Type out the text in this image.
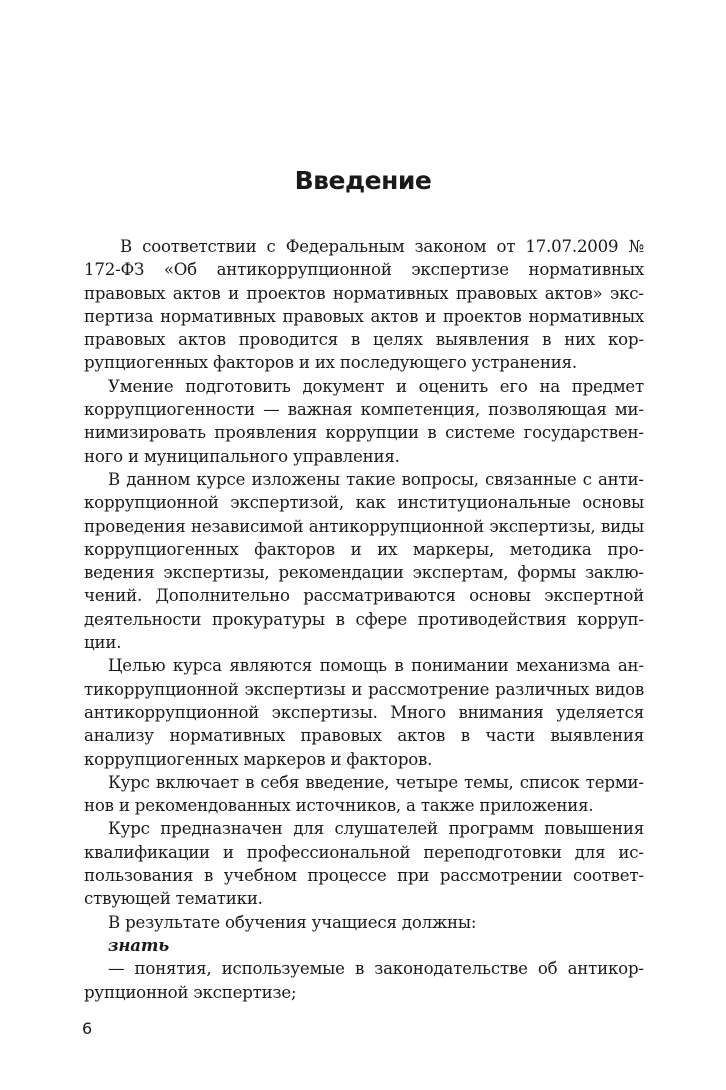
Введение

В соответствии с Федеральным законом от 17.07.2009 № 172-ФЗ «Об антикоррупционной экспертизе нормативных правовых актов и проектов нормативных правовых актов» экспертиза нормативных правовых актов и проектов нормативных правовых актов проводится в целях выявления в них коррупциогенных факторов и их последующего устранения.

Умение подготовить документ и оценить его на предмет коррупциогенности — важная компетенция, позволяющая минимизировать проявления коррупции в системе государственного и муниципального управления.

В данном курсе изложены такие вопросы, связанные с антикоррупционной экспертизой, как институциональные основы проведения независимой антикоррупционной экспертизы, виды коррупциогенных факторов и их маркеры, методика проведения экспертизы, рекомендации экспертам, формы заключений. Дополнительно рассматриваются основы экспертной деятельности прокуратуры в сфере противодействия коррупции.

Целью курса являются помощь в понимании механизма антикоррупционной экспертизы и рассмотрение различных видов антикоррупционной экспертизы. Много внимания уделяется анализу нормативных правовых актов в части выявления коррупциогенных маркеров и факторов.

Курс включает в себя введение, четыре темы, список терминов и рекомендованных источников, а также приложения.

Курс предназначен для слушателей программ повышения квалификации и профессиональной переподготовки для использования в учебном процессе при рассмотрении соответствующей тематики.

В результате обучения учащиеся должны:

знать

— понятия, используемые в законодательстве об антикоррупционной экспертизе;

6
